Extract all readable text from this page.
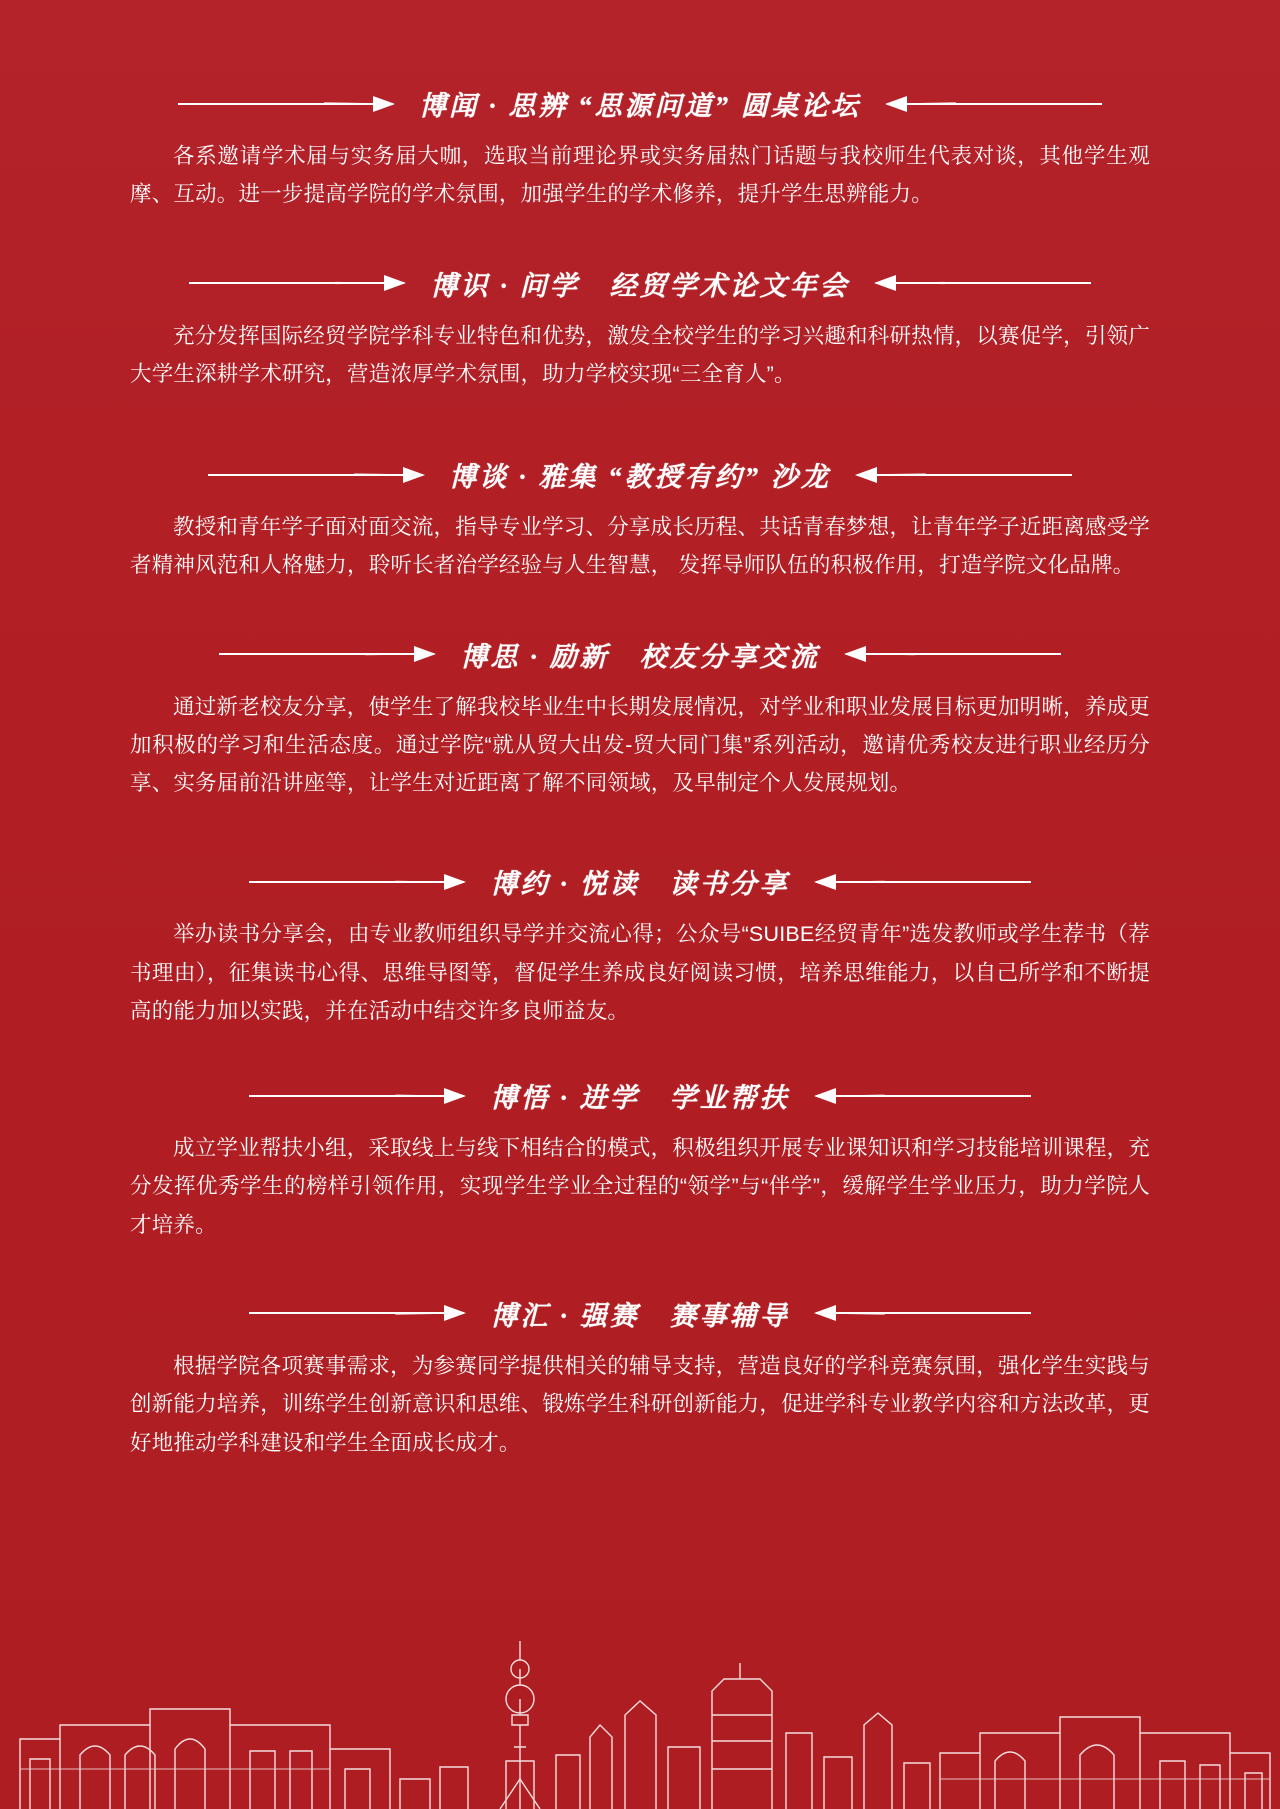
博闻 · 思辨 “思源问道” 圆桌论坛

各系邀请学术届与实务届大咖，选取当前理论界或实务届热门话题与我校师生代表对谈，其他学生观摩、互动。进一步提高学院的学术氛围，加强学生的学术修养，提升学生思辨能力。

博识 · 问学　经贸学术论文年会

充分发挥国际经贸学院学科专业特色和优势，激发全校学生的学习兴趣和科研热情，以赛促学，引领广大学生深耕学术研究，营造浓厚学术氛围，助力学校实现“三全育人”。

博谈 · 雅集 “教授有约” 沙龙

教授和青年学子面对面交流，指导专业学习、分享成长历程、共话青春梦想，让青年学子近距离感受学者精神风范和人格魅力，聆听长者治学经验与人生智慧， 发挥导师队伍的积极作用，打造学院文化品牌。

博思 · 励新　校友分享交流

通过新老校友分享，使学生了解我校毕业生中长期发展情况，对学业和职业发展目标更加明晰，养成更加积极的学习和生活态度。通过学院“就从贸大出发-贸大同门集”系列活动，邀请优秀校友进行职业经历分享、实务届前沿讲座等，让学生对近距离了解不同领域，及早制定个人发展规划。

博约 · 悦读　读书分享

举办读书分享会，由专业教师组织导学并交流心得；公众号“SUIBE经贸青年”选发教师或学生荐书（荐书理由），征集读书心得、思维导图等，督促学生养成良好阅读习惯，培养思维能力，以自己所学和不断提高的能力加以实践，并在活动中结交许多良师益友。

博悟 · 进学　学业帮扶

成立学业帮扶小组，采取线上与线下相结合的模式，积极组织开展专业课知识和学习技能培训课程，充分发挥优秀学生的榜样引领作用，实现学生学业全过程的“领学”与“伴学”，缓解学生学业压力，助力学院人才培养。

博汇 · 强赛　赛事辅导

根据学院各项赛事需求，为参赛同学提供相关的辅导支持，营造良好的学科竞赛氛围，强化学生实践与创新能力培养，训练学生创新意识和思维、锻炼学生科研创新能力，促进学科专业教学内容和方法改革，更好地推动学科建设和学生全面成长成才。
